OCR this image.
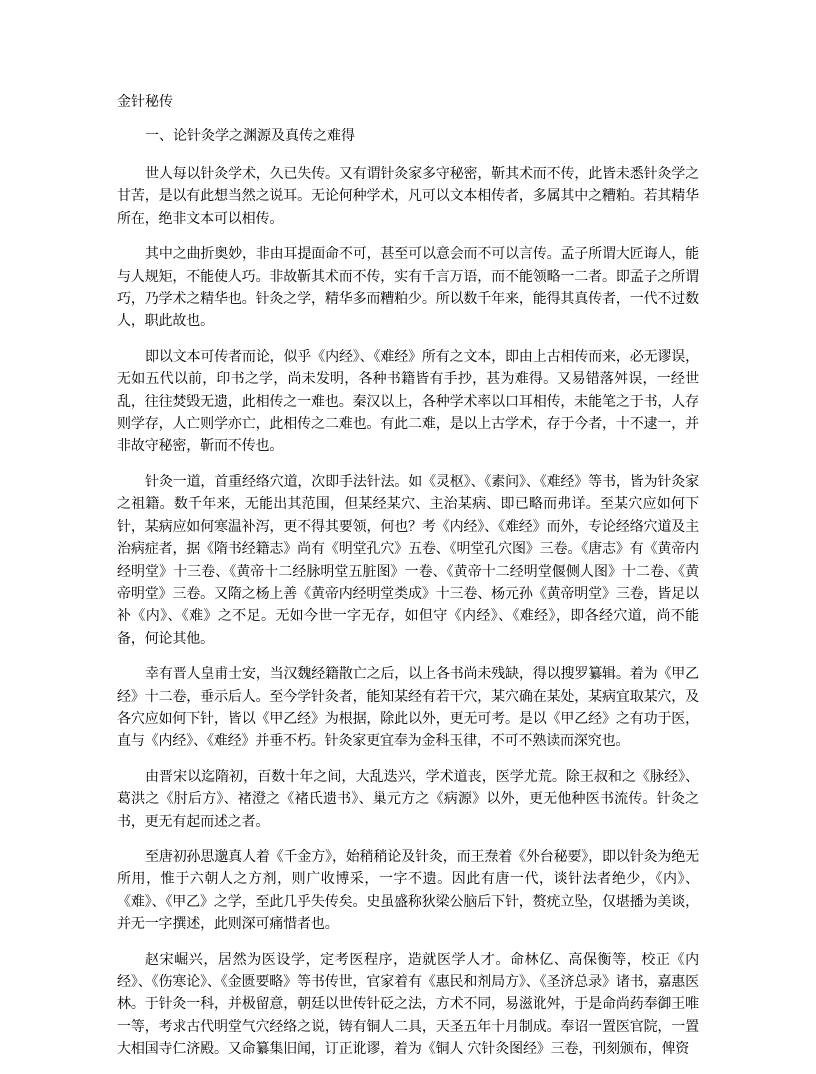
金针秘传
一、论针灸学之渊源及真传之难得

世人每以针灸学术，久已失传。又有谓针灸家多守秘密，靳其术而不传，此皆未悉针灸学之甘苦，是以有此想当然之说耳。无论何种学术，凡可以文本相传者，多属其中之糟粕。若其精华所在，绝非文本可以相传。

其中之曲折奥妙，非由耳提面命不可，甚至可以意会而不可以言传。孟子所谓大匠诲人，能与人规矩，不能使人巧。非故靳其术而不传，实有千言万语，而不能领略一二者。即孟子之所谓巧，乃学术之精华也。针灸之学，精华多而糟粕少。所以数千年来，能得其真传者，一代不过数人，职此故也。

即以文本可传者而论，似乎《内经》、《难经》所有之文本，即由上古相传而来，必无谬误，无如五代以前，印书之学，尚未发明，各种书籍皆有手抄，甚为难得。又易错落舛误，一经世乱，往往焚毁无遗，此相传之一难也。秦汉以上，各种学术率以口耳相传，未能笔之于书，人存则学存，人亡则学亦亡，此相传之二难也。有此二难，是以上古学术，存于今者，十不逮一，并非故守秘密，靳而不传也。

针灸一道，首重经络穴道，次即手法针法。如《灵枢》、《素问》、《难经》等书，皆为针灸家之祖籍。数千年来，无能出其范围，但某经某穴、主治某病、即已略而弗详。至某穴应如何下针，某病应如何寒温补泻，更不得其要领，何也？考《内经》、《难经》而外，专论经络穴道及主治病症者，据《隋书经籍志》尚有《明堂孔穴》五卷、《明堂孔穴图》三卷。《唐志》有《黄帝内经明堂》十三卷、《黄帝十二经脉明堂五脏图》一卷、《黄帝十二经明堂偃侧人图》十二卷、《黄帝明堂》三卷。又隋之杨上善《黄帝内经明堂类成》十三卷、杨元孙《黄帝明堂》三卷，皆足以补《内》、《难》之不足。无如今世一字无存，如但守《内经》、《难经》，即各经穴道，尚不能备，何论其他。

幸有晋人皇甫士安，当汉魏经籍散亡之后，以上各书尚未残缺，得以搜罗纂辑。着为《甲乙经》十二卷，垂示后人。至今学针灸者，能知某经有若干穴，某穴确在某处，某病宜取某穴，及各穴应如何下针，皆以《甲乙经》为根据，除此以外，更无可考。是以《甲乙经》之有功于医，直与《内经》、《难经》并垂不朽。针灸家更宜奉为金科玉律，不可不熟读而深究也。

由晋宋以迄隋初，百数十年之间，大乱迭兴，学术道丧，医学尤荒。除王叔和之《脉经》、葛洪之《肘后方》、褚澄之《褚氏遗书》、巢元方之《病源》以外，更无他种医书流传。针灸之书，更无有起而述之者。

至唐初孙思邈真人着《千金方》，始稍稍论及针灸，而王焘着《外台秘要》，即以针灸为绝无所用，惟于六朝人之方剂，则广收博采，一字不遗。因此有唐一代，谈针法者绝少，《内》、《难》、《甲乙》之学，至此几乎失传矣。史虽盛称狄梁公脑后下针，赘疣立坠，仅堪播为美谈，并无一字撰述，此则深可痛惜者也。

赵宋崛兴，居然为医设学，定考医程序，造就医学人才。命林亿、高保衡等，校正《内经》、《伤寒论》、《金匮要略》等书传世，官家着有《惠民和剂局方》、《圣济总录》诸书，嘉惠医林。于针灸一科，并极留意，朝廷以世传针砭之法，方术不同，易滋讹舛，于是命尚药奉御王唯一等，考求古代明堂气穴经络之说，铸有铜人二具，天圣五年十月制成。奉诏一置医官院，一置大相国寺仁济殿。又命纂集旧闻，订正讹谬，着为《铜人 穴针灸图经》三卷，刊刻颁布，俾资
